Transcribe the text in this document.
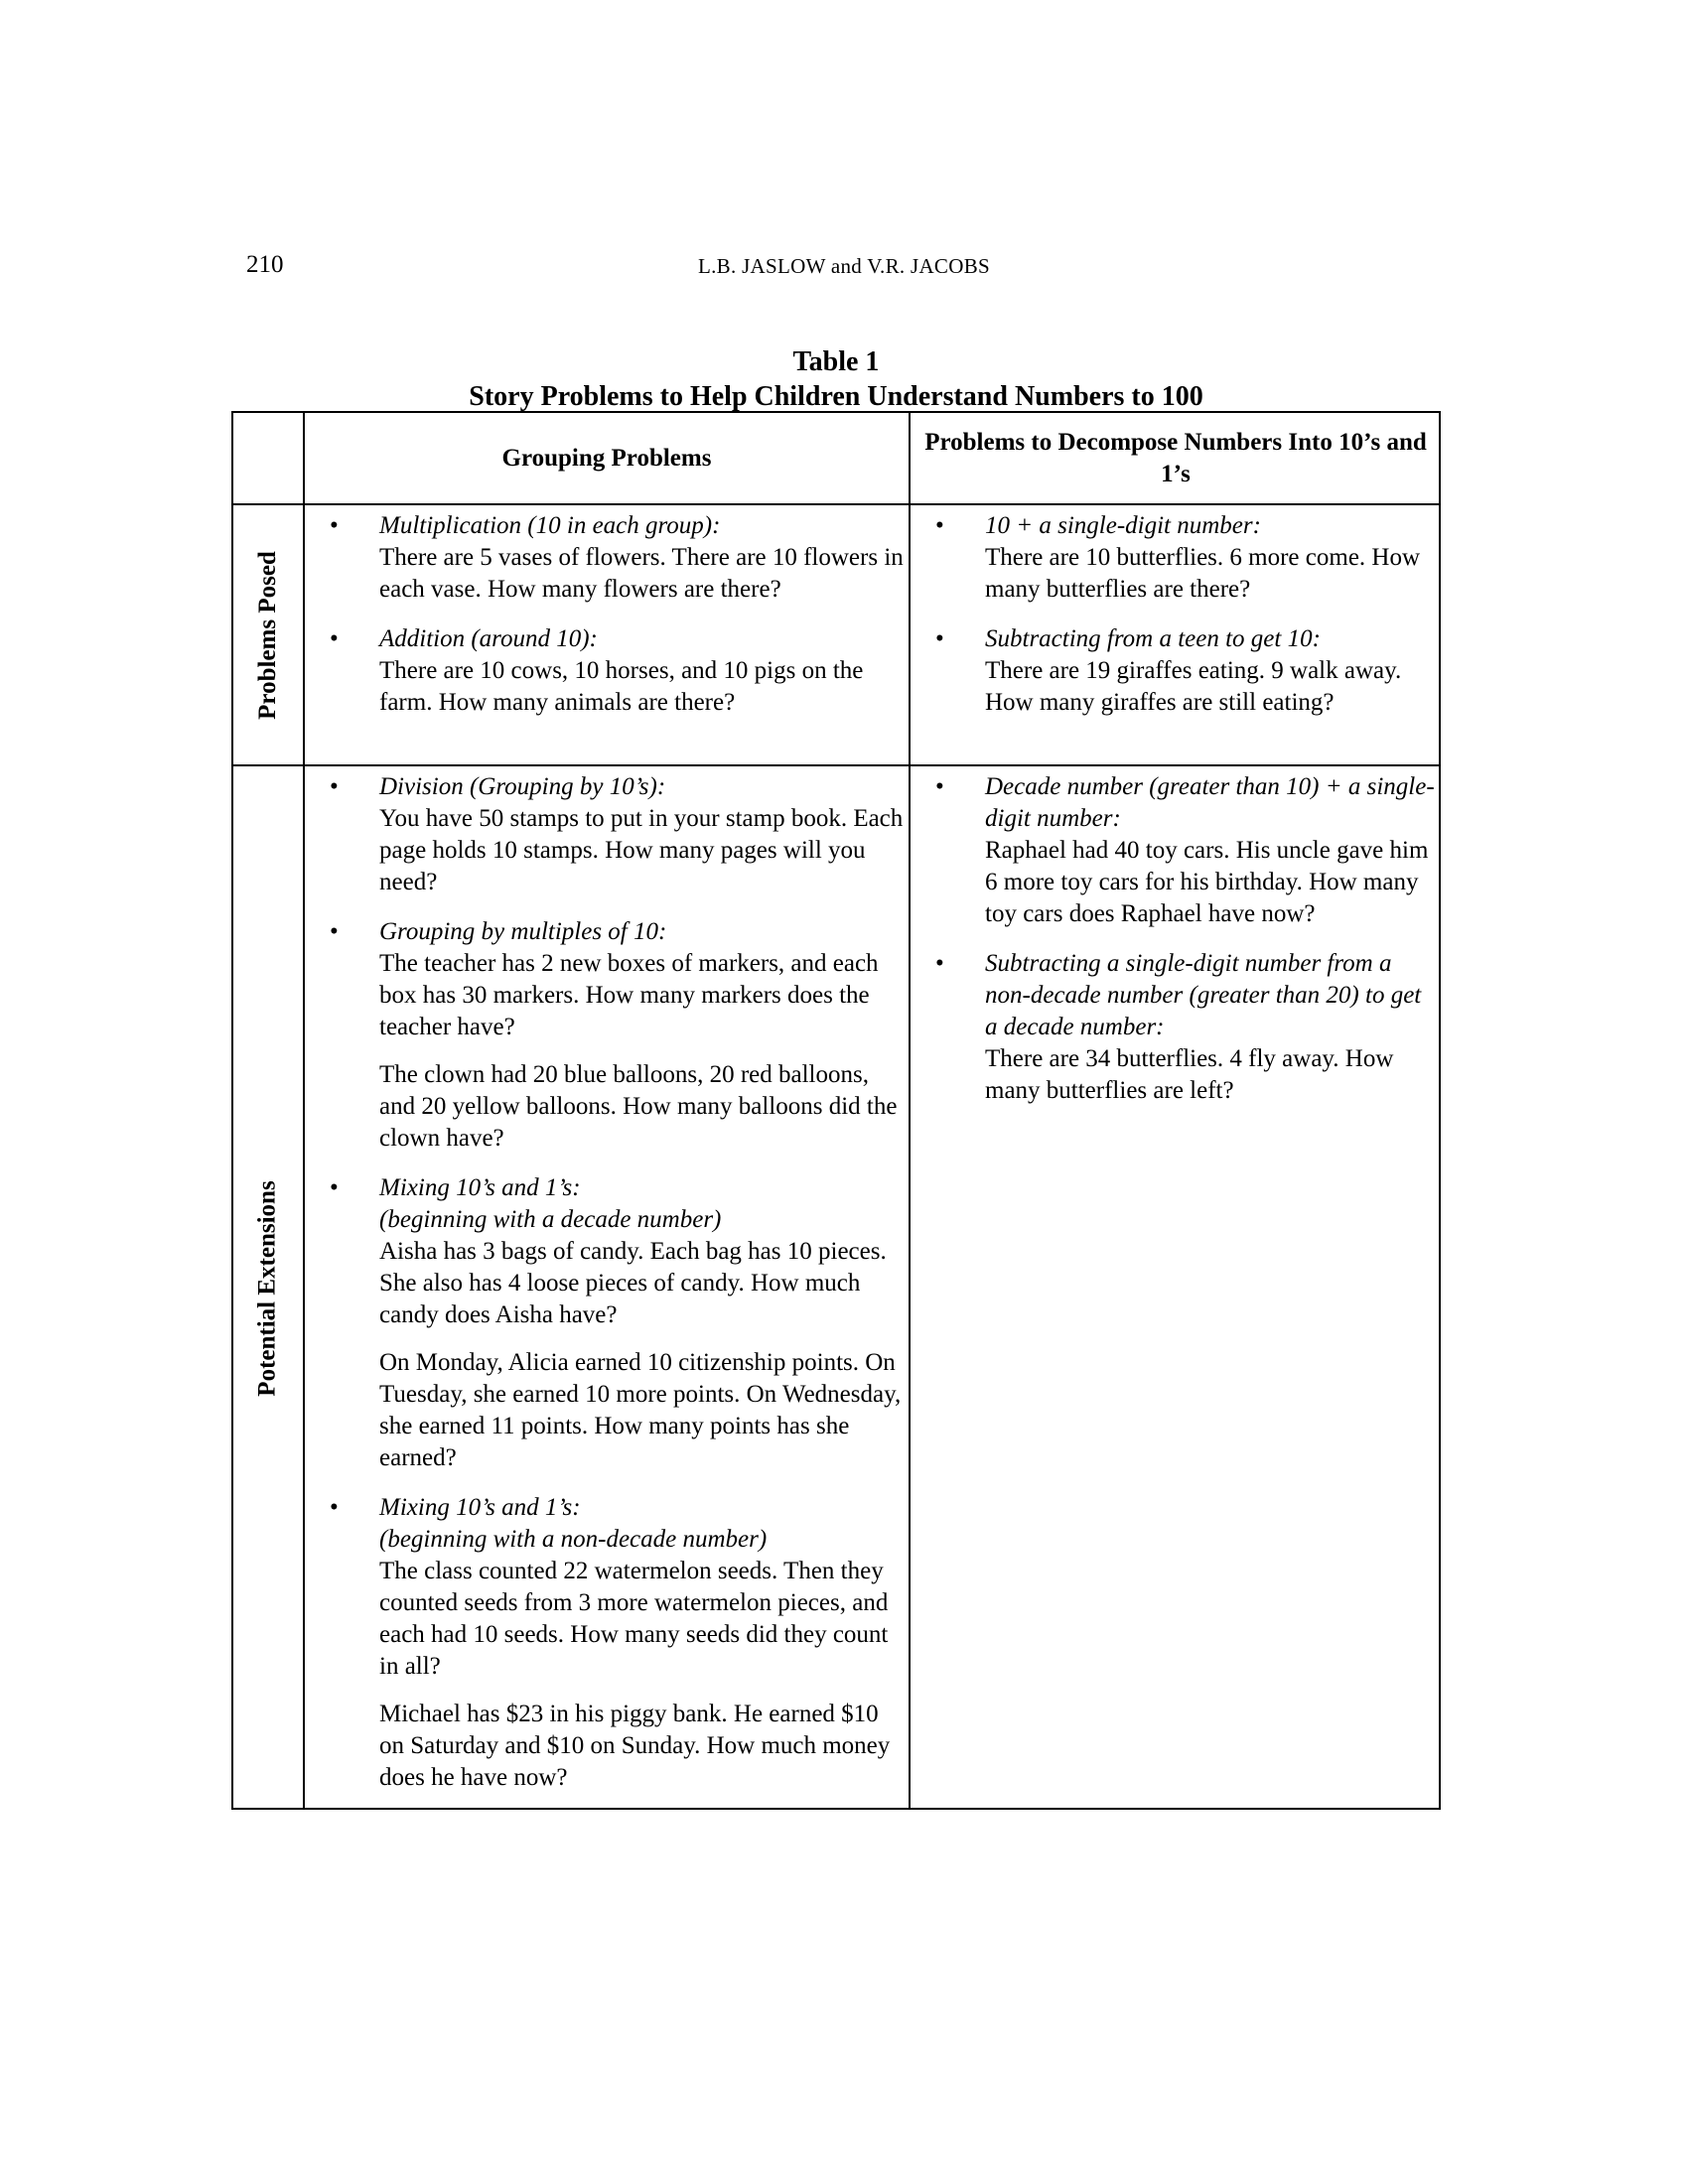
210	L.B. JASLOW and V.R. JACOBS
Table 1
Story Problems to Help Children Understand Numbers to 100
Grouping Problems
Problems to Decompose Numbers Into 10’s and 1’s
Problems Posed
Potential Extensions
• Multiplication (10 in each group):
There are 5 vases of flowers. There are 10 flowers in each vase. How many flowers are there?
• Addition (around 10):
There are 10 cows, 10 horses, and 10 pigs on the farm. How many animals are there?
• 10 + a single-digit number:
There are 10 butterflies. 6 more come. How many butterflies are there?
• Subtracting from a teen to get 10:
There are 19 giraffes eating. 9 walk away. How many giraffes are still eating?
• Division (Grouping by 10’s):
You have 50 stamps to put in your stamp book. Each page holds 10 stamps. How many pages will you need?
• Grouping by multiples of 10:
The teacher has 2 new boxes of markers, and each box has 30 markers. How many markers does the teacher have?
The clown had 20 blue balloons, 20 red balloons, and 20 yellow balloons. How many balloons did the clown have?
• Mixing 10’s and 1’s:
(beginning with a decade number)
Aisha has 3 bags of candy. Each bag has 10 pieces. She also has 4 loose pieces of candy. How much candy does Aisha have?
On Monday, Alicia earned 10 citizenship points. On Tuesday, she earned 10 more points. On Wednesday, she earned 11 points. How many points has she earned?
• Mixing 10’s and 1’s:
(beginning with a non-decade number)
The class counted 22 watermelon seeds. Then they counted seeds from 3 more watermelon pieces, and each had 10 seeds. How many seeds did they count in all?
Michael has $23 in his piggy bank. He earned $10 on Saturday and $10 on Sunday. How much money does he have now?
• Decade number (greater than 10) + a single-digit number:
Raphael had 40 toy cars. His uncle gave him 6 more toy cars for his birthday. How many toy cars does Raphael have now?
• Subtracting a single-digit number from a non-decade number (greater than 20) to get a decade number:
There are 34 butterflies. 4 fly away. How many butterflies are left?
